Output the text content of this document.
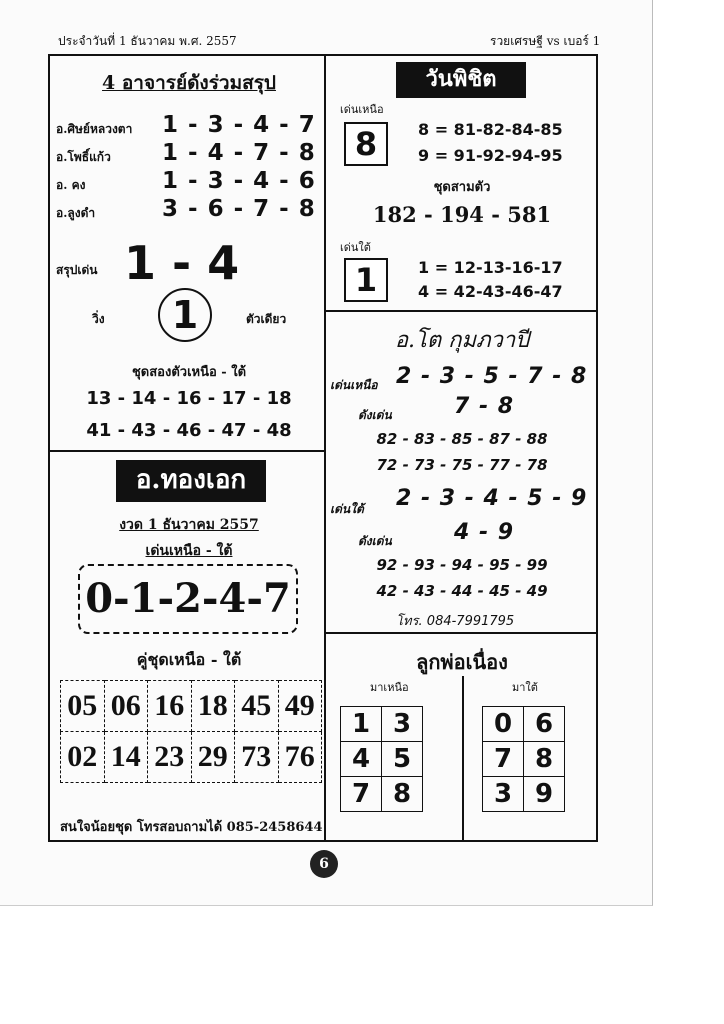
ประจำวันที่ 1 ธันวาคม พ.ศ. 2557	รวยเศรษฐี vs เบอร์ 1
4 อาจารย์ดังร่วมสรุป
อ.ศิษย์หลวงตา 1 - 3 - 4 - 7
อ.โพธิ์แก้ว 1 - 4 - 7 - 8
อ. คง	1 - 3 - 4 - 6
อ.ลูงดำ	3 - 6 - 7 - 8
สรุปเด่น 1 - 4
วิ่ง	1	ตัวเดียว
ชุดสองตัวเหนือ - ใต้
13 - 14 - 16 - 17 - 18
41 - 43 - 46 - 47 - 48
วันพิชิต
เด่นเหนือ
8	8 = 81-82-84-85
9 = 91-92-94-95
ชุดสามตัว
182 - 194 - 581
เด่นใต้
1	1 = 12-13-16-17
4 = 42-43-46-47
อ.โต กุมภวาปี
เด่นเหนือ 2 - 3 - 5 - 7 - 8
ดังเด่น	7 - 8
82 - 83 - 85 - 87 - 88
72 - 73 - 75 - 77 - 78
เด่นใต้ 2 - 3 - 4 - 5 - 9
ดังเด่น	4 - 9
92 - 93 - 94 - 95 - 99
42 - 43 - 44 - 45 - 49
โทร. 084-7991795
อ.ทองเอก
งวด 1 ธันวาคม 2557
เด่นเหนือ - ใต้
0-1-2-4-7
คู่ชุดเหนือ - ใต้
05	06	16	18	45	49
02	14	23	29	73	76
สนใจน้อยชุด โทรสอบถามได้ 085-2458644
ลูกพ่อเนื่อง
มาเหนือ	มาใต้
1	3
4	5
7	8
0	6
7	8
3	9
6
